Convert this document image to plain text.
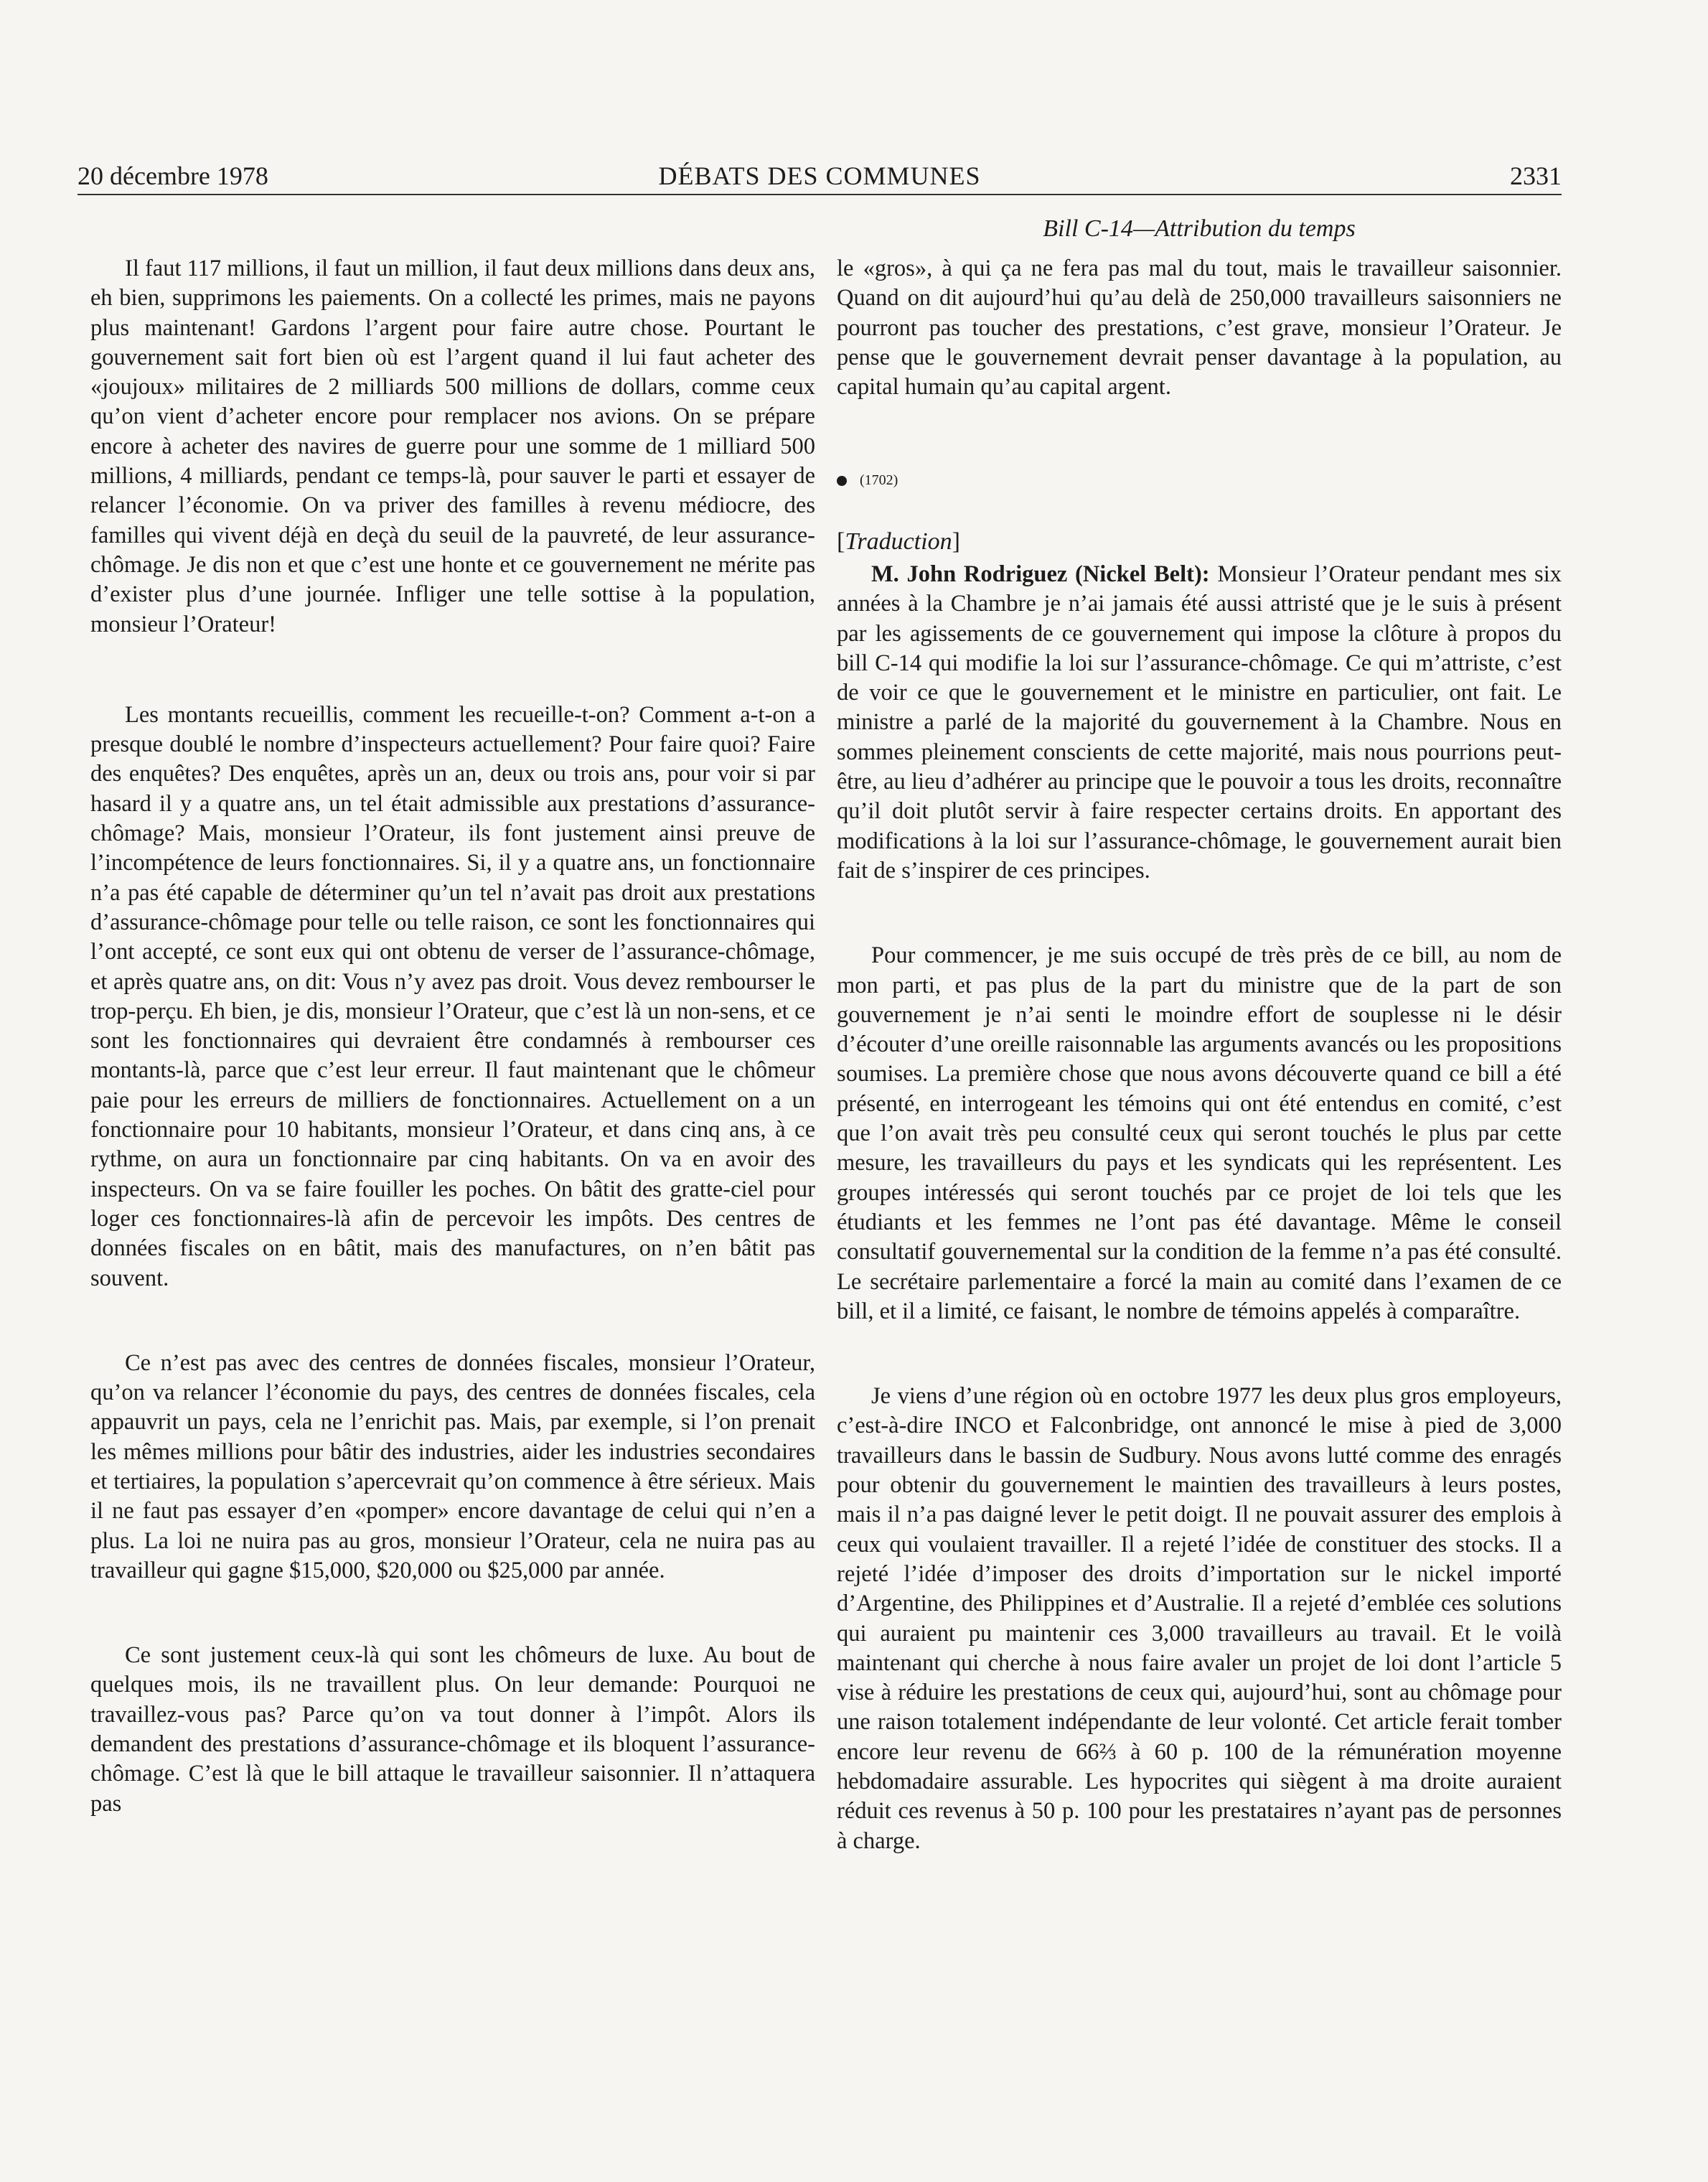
20 décembre 1978	DÉBATS DES COMMUNES	2331
Bill C-14—Attribution du temps

Il faut 117 millions, il faut un million, il faut deux millions dans deux ans, eh bien, supprimons les paiements. On a collecté les primes, mais ne payons plus maintenant! Gardons l’argent pour faire autre chose. Pourtant le gouvernement sait fort bien où est l’argent quand il lui faut acheter des «joujoux» militaires de 2 milliards 500 millions de dollars, comme ceux qu’on vient d’acheter encore pour remplacer nos avions. On se prépare encore à acheter des navires de guerre pour une somme de 1 milliard 500 millions, 4 milliards, pendant ce temps-là, pour sauver le parti et essayer de relancer l’économie. On va priver des familles à revenu médiocre, des familles qui vivent déjà en deçà du seuil de la pauvreté, de leur assurance-chômage. Je dis non et que c’est une honte et ce gouvernement ne mérite pas d’exister plus d’une journée. Infliger une telle sottise à la population, monsieur l’Orateur!

Les montants recueillis, comment les recueille-t-on? Comment a-t-on a presque doublé le nombre d’inspecteurs actuellement? Pour faire quoi? Faire des enquêtes? Des enquêtes, après un an, deux ou trois ans, pour voir si par hasard il y a quatre ans, un tel était admissible aux prestations d’assurance-chômage? Mais, monsieur l’Orateur, ils font justement ainsi preuve de l’incompétence de leurs fonctionnaires. Si, il y a quatre ans, un fonctionnaire n’a pas été capable de déterminer qu’un tel n’avait pas droit aux prestations d’assurance-chômage pour telle ou telle raison, ce sont les fonctionnaires qui l’ont accepté, ce sont eux qui ont obtenu de verser de l’assurance-chômage, et après quatre ans, on dit: Vous n’y avez pas droit. Vous devez rembourser le trop-perçu. Eh bien, je dis, monsieur l’Orateur, que c’est là un non-sens, et ce sont les fonctionnaires qui devraient être condamnés à rembourser ces montants-là, parce que c’est leur erreur. Il faut maintenant que le chômeur paie pour les erreurs de milliers de fonctionnaires. Actuellement on a un fonctionnaire pour 10 habitants, monsieur l’Orateur, et dans cinq ans, à ce rythme, on aura un fonctionnaire par cinq habitants. On va en avoir des inspecteurs. On va se faire fouiller les poches. On bâtit des gratte-ciel pour loger ces fonctionnaires-là afin de percevoir les impôts. Des centres de données fiscales on en bâtit, mais des manufactures, on n’en bâtit pas souvent.

Ce n’est pas avec des centres de données fiscales, monsieur l’Orateur, qu’on va relancer l’économie du pays, des centres de données fiscales, cela appauvrit un pays, cela ne l’enrichit pas. Mais, par exemple, si l’on prenait les mêmes millions pour bâtir des industries, aider les industries secondaires et tertiaires, la population s’apercevrait qu’on commence à être sérieux. Mais il ne faut pas essayer d’en «pomper» encore davantage de celui qui n’en a plus. La loi ne nuira pas au gros, monsieur l’Orateur, cela ne nuira pas au travailleur qui gagne $15,000, $20,000 ou $25,000 par année.

Ce sont justement ceux-là qui sont les chômeurs de luxe. Au bout de quelques mois, ils ne travaillent plus. On leur demande: Pourquoi ne travaillez-vous pas? Parce qu’on va tout donner à l’impôt. Alors ils demandent des prestations d’assurance-chômage et ils bloquent l’assurance-chômage. C’est là que le bill attaque le travailleur saisonnier. Il n’attaquera pas

le «gros», à qui ça ne fera pas mal du tout, mais le travailleur saisonnier. Quand on dit aujourd’hui qu’au delà de 250,000 travailleurs saisonniers ne pourront pas toucher des prestations, c’est grave, monsieur l’Orateur. Je pense que le gouvernement devrait penser davantage à la population, au capital humain qu’au capital argent.

(1702)
[Traduction]

M. John Rodriguez (Nickel Belt): Monsieur l’Orateur pendant mes six années à la Chambre je n’ai jamais été aussi attristé que je le suis à présent par les agissements de ce gouvernement qui impose la clôture à propos du bill C-14 qui modifie la loi sur l’assurance-chômage. Ce qui m’attriste, c’est de voir ce que le gouvernement et le ministre en particulier, ont fait. Le ministre a parlé de la majorité du gouvernement à la Chambre. Nous en sommes pleinement conscients de cette majorité, mais nous pourrions peut-être, au lieu d’adhérer au principe que le pouvoir a tous les droits, reconnaître qu’il doit plutôt servir à faire respecter certains droits. En apportant des modifications à la loi sur l’assurance-chômage, le gouvernement aurait bien fait de s’inspirer de ces principes.

Pour commencer, je me suis occupé de très près de ce bill, au nom de mon parti, et pas plus de la part du ministre que de la part de son gouvernement je n’ai senti le moindre effort de souplesse ni le désir d’écouter d’une oreille raisonnable las arguments avancés ou les propositions soumises. La première chose que nous avons découverte quand ce bill a été présenté, en interrogeant les témoins qui ont été entendus en comité, c’est que l’on avait très peu consulté ceux qui seront touchés le plus par cette mesure, les travailleurs du pays et les syndicats qui les représentent. Les groupes intéressés qui seront touchés par ce projet de loi tels que les étudiants et les femmes ne l’ont pas été davantage. Même le conseil consultatif gouvernemental sur la condition de la femme n’a pas été consulté. Le secrétaire parlementaire a forcé la main au comité dans l’examen de ce bill, et il a limité, ce faisant, le nombre de témoins appelés à comparaître.

Je viens d’une région où en octobre 1977 les deux plus gros employeurs, c’est-à-dire INCO et Falconbridge, ont annoncé le mise à pied de 3,000 travailleurs dans le bassin de Sudbury. Nous avons lutté comme des enragés pour obtenir du gouvernement le maintien des travailleurs à leurs postes, mais il n’a pas daigné lever le petit doigt. Il ne pouvait assurer des emplois à ceux qui voulaient travailler. Il a rejeté l’idée de constituer des stocks. Il a rejeté l’idée d’imposer des droits d’importation sur le nickel importé d’Argentine, des Philippines et d’Australie. Il a rejeté d’emblée ces solutions qui auraient pu maintenir ces 3,000 travailleurs au travail. Et le voilà maintenant qui cherche à nous faire avaler un projet de loi dont l’article 5 vise à réduire les prestations de ceux qui, aujourd’hui, sont au chômage pour une raison totalement indépendante de leur volonté. Cet article ferait tomber encore leur revenu de 66⅔ à 60 p. 100 de la rémunération moyenne hebdomadaire assurable. Les hypocrites qui siègent à ma droite auraient réduit ces revenus à 50 p. 100 pour les prestataires n’ayant pas de personnes à charge.
